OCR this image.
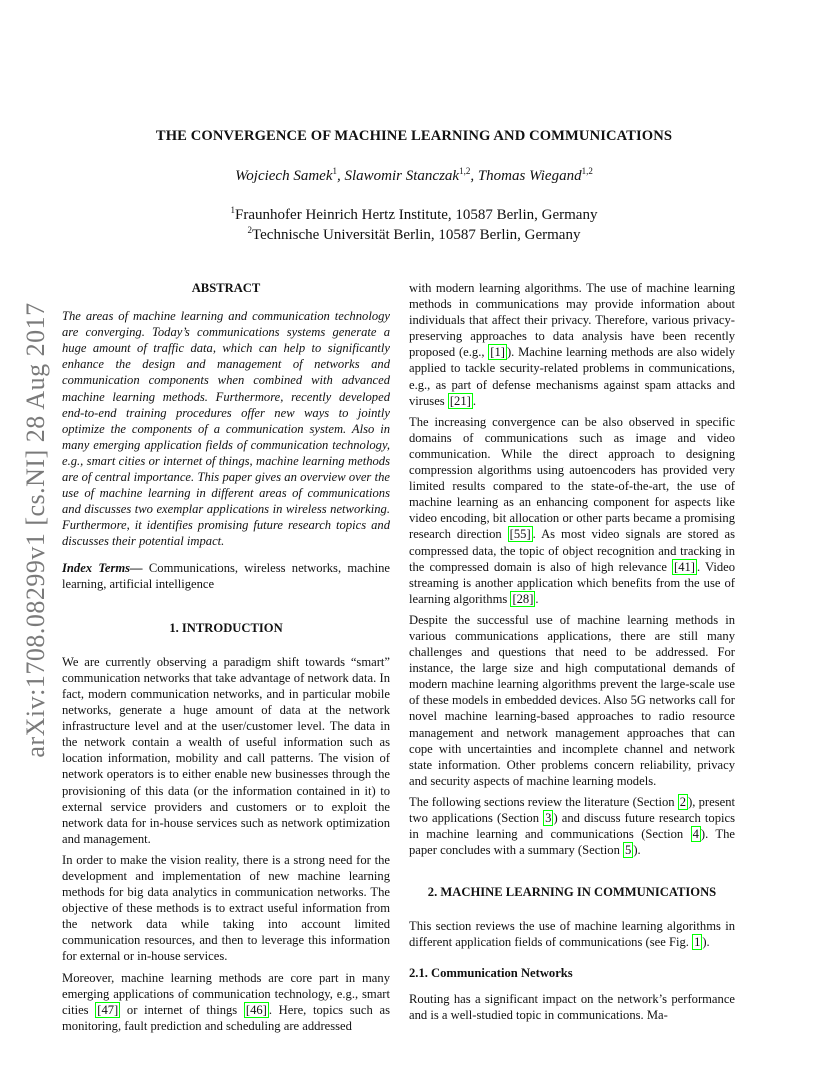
arXiv:1708.08299v1 [cs.NI] 28 Aug 2017
THE CONVERGENCE OF MACHINE LEARNING AND COMMUNICATIONS
Wojciech Samek$^1$, Slawomir Stanczak$^{1,2}$, Thomas Wiegand$^{1,2}$
$^1$Fraunhofer Heinrich Hertz Institute, 10587 Berlin, Germany
$^2$Technische Universität Berlin, 10587 Berlin, Germany
ABSTRACT

The areas of machine learning and communication technology are converging. Today’s communications systems generate a huge amount of traffic data, which can help to significantly enhance the design and management of networks and communication components when combined with advanced machine learning methods. Furthermore, recently developed end-to-end training procedures offer new ways to jointly optimize the components of a communication system. Also in many emerging application fields of communication technology, e.g., smart cities or internet of things, machine learning methods are of central importance. This paper gives an overview over the use of machine learning in different areas of communications and discusses two exemplar applications in wireless networking. Furthermore, it identifies promising future research topics and discusses their potential impact.

Index Terms— Communications, wireless networks, machine learning, artificial intelligence

1. INTRODUCTION

We are currently observing a paradigm shift towards “smart” communication networks that take advantage of network data. In fact, modern communication networks, and in particular mobile networks, generate a huge amount of data at the network infrastructure level and at the user/customer level. The data in the network contain a wealth of useful information such as location information, mobility and call patterns. The vision of network operators is to either enable new businesses through the provisioning of this data (or the information contained in it) to external service providers and customers or to exploit the network data for in-house services such as network optimization and management.

In order to make the vision reality, there is a strong need for the development and implementation of new machine learning methods for big data analytics in communication networks. The objective of these methods is to extract useful information from the network data while taking into account limited communication resources, and then to leverage this information for external or in-house services.

Moreover, machine learning methods are core part in many emerging applications of communication technology, e.g., smart cities [47] or internet of things [46] . Here, topics such as monitoring, fault prediction and scheduling are addressed

with modern learning algorithms. The use of machine learning methods in communications may provide information about individuals that affect their privacy. Therefore, various privacy-preserving approaches to data analysis have been recently proposed (e.g., [1] ). Machine learning methods are also widely applied to tackle security-related problems in communications, e.g., as part of defense mechanisms against spam attacks and viruses [21] .

The increasing convergence can be also observed in specific domains of communications such as image and video communication. While the direct approach to designing compression algorithms using autoencoders has provided very limited results compared to the state-of-the-art, the use of machine learning as an enhancing component for aspects like video encoding, bit allocation or other parts became a promising research direction [55] . As most video signals are stored as compressed data, the topic of object recognition and tracking in the compressed domain is also of high relevance [41] . Video streaming is another application which benefits from the use of learning algorithms [28] .

Despite the successful use of machine learning methods in various communications applications, there are still many challenges and questions that need to be addressed. For instance, the large size and high computational demands of modern machine learning algorithms prevent the large-scale use of these models in embedded devices. Also 5G networks call for novel machine learning-based approaches to radio resource management and network management approaches that can cope with uncertainties and incomplete channel and network state information. Other problems concern reliability, privacy and security aspects of machine learning models.

The following sections review the literature (Section 2 ), present two applications (Section 3 ) and discuss future research topics in machine learning and communications (Section 4 ). The paper concludes with a summary (Section 5 ).

2. MACHINE LEARNING IN COMMUNICATIONS

This section reviews the use of machine learning algorithms in different application fields of communications (see Fig. 1 ).

2.1. Communication Networks

Routing has a significant impact on the network’s performance and is a well-studied topic in communications. Ma-
